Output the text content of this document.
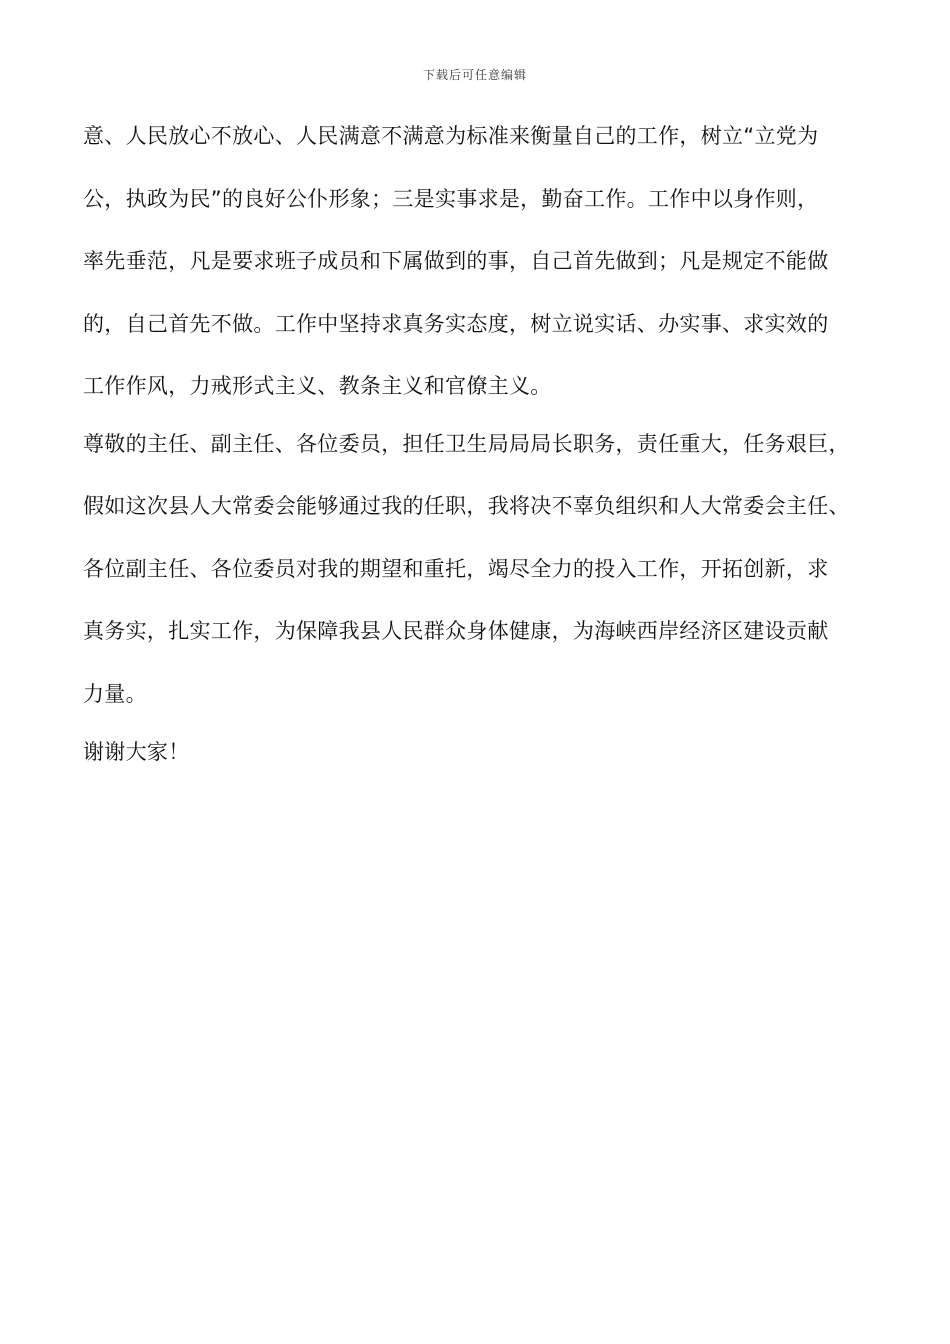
下载后可任意编辑
意、人民放心不放心、人民满意不满意为标准来衡量自己的工作，树立“立党为
公，执政为民”的良好公仆形象；三是实事求是，勤奋工作。工作中以身作则，
率先垂范，凡是要求班子成员和下属做到的事，自己首先做到；凡是规定不能做
的，自己首先不做。工作中坚持求真务实态度，树立说实话、办实事、求实效的
工作作风，力戒形式主义、教条主义和官僚主义。
尊敬的主任、副主任、各位委员，担任卫生局局局长职务，责任重大，任务艰巨，
假如这次县人大常委会能够通过我的任职，我将决不辜负组织和人大常委会主任、
各位副主任、各位委员对我的期望和重托，竭尽全力的投入工作，开拓创新，求
真务实，扎实工作，为保障我县人民群众身体健康，为海峡西岸经济区建设贡献
力量。
谢谢大家！
